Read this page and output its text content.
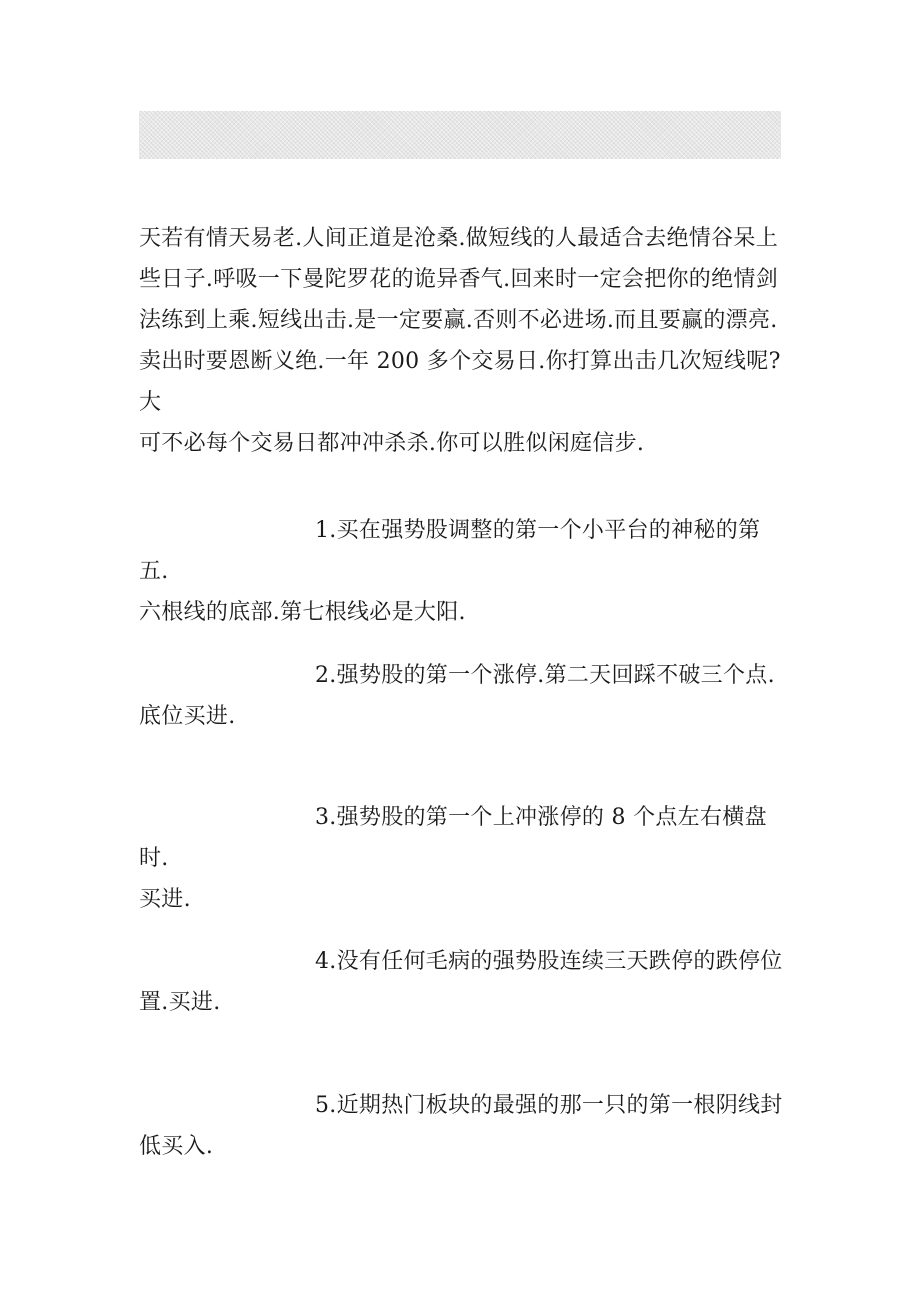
天若有情天易老.人间正道是沧桑.做短线的人最适合去绝情谷呆上
些日子.呼吸一下曼陀罗花的诡异香气.回来时一定会把你的绝情剑
法练到上乘.短线出击.是一定要赢.否则不必进场.而且要赢的漂亮.
卖出时要恩断义绝.一年 200 多个交易日.你打算出击几次短线呢?大
可不必每个交易日都冲冲杀杀.你可以胜似闲庭信步.

1.买在强势股调整的第一个小平台的神秘的第五.
六根线的底部.第七根线必是大阳.

2.强势股的第一个涨停.第二天回踩不破三个点.
底位买进.

3.强势股的第一个上冲涨停的 8 个点左右横盘时.
买进.

4.没有任何毛病的强势股连续三天跌停的跌停位
置.买进.

5.近期热门板块的最强的那一只的第一根阴线封
低买入.
